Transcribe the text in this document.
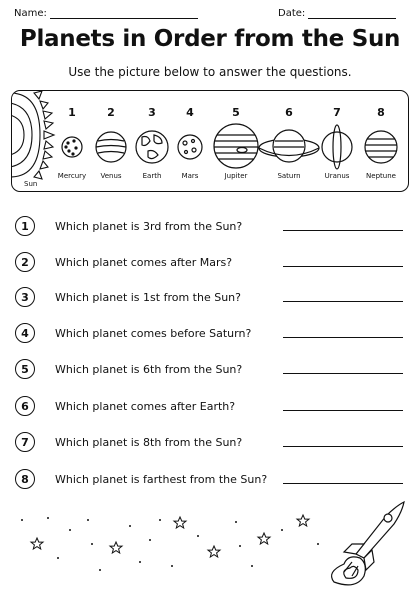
Name:	Date:
Planets in Order from the Sun
Use the picture below to answer the questions.
Sun
1	2	3	4	5	6	7	8
Mercury	Venus	Earth	Mars	Jupiter	Saturn	Uranus	Neptune
1	Which planet is 3rd from the Sun?
2	Which planet comes after Mars?
3	Which planet is 1st from the Sun?
4	Which planet comes before Saturn?
5	Which planet is 6th from the Sun?
6	Which planet comes after Earth?
7	Which planet is 8th from the Sun?
8	Which planet is farthest from the Sun?
